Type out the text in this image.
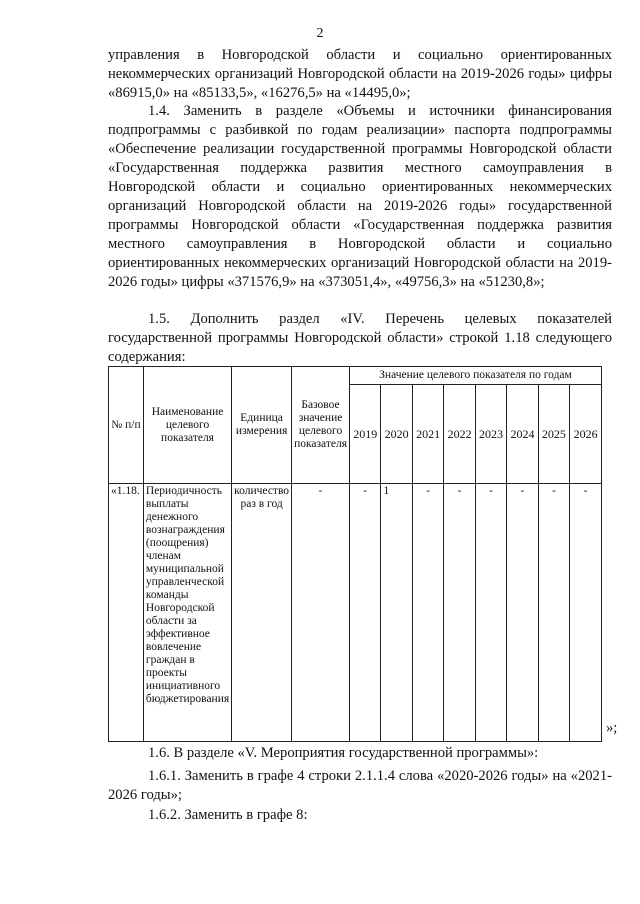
2

управления в Новгородской области и социально ориентированных некоммерческих организаций Новгородской области на 2019-2026 годы» цифры «86915,0» на «85133,5», «16276,5» на «14495,0»;

1.4. Заменить в разделе «Объемы и источники финансирования подпрограммы с разбивкой по годам реализации» паспорта подпрограммы «Обеспечение реализации государственной программы Новгородской области «Государственная поддержка развития местного самоуправления в Новгородской области и социально ориентированных некоммерческих организаций Новгородской области на 2019-2026 годы» государственной программы Новгородской области «Государственная поддержка развития местного самоуправления в Новгородской области и социально ориентированных некоммерческих организаций Новгородской области на 2019-2026 годы» цифры «371576,9» на «373051,4», «49756,3» на «51230,8»;

1.5. Дополнить раздел «IV. Перечень целевых показателей государственной программы Новгородской области» строкой 1.18 следующего содержания:

№ п/п	Наименование целевого показателя	Единица измерения	Базовое значение целевого показателя	Значение целевого показателя по годам							
				2019	2020	2021	2022	2023	2024	2025	2026
«1.18.	Периодичность выплаты денежного вознаграждения (поощрения) членам муниципальной управленческой команды Новгородской области за эффективное вовлечение граждан в проекты инициативного бюджетирования	количество раз в год	-	-	1	-	-	-	-	-	-
»;

1.6. В разделе «V. Мероприятия государственной программы»:

1.6.1. Заменить в графе 4 строки 2.1.1.4 слова «2020-2026 годы» на «2021-2026 годы»;

1.6.2. Заменить в графе 8:
